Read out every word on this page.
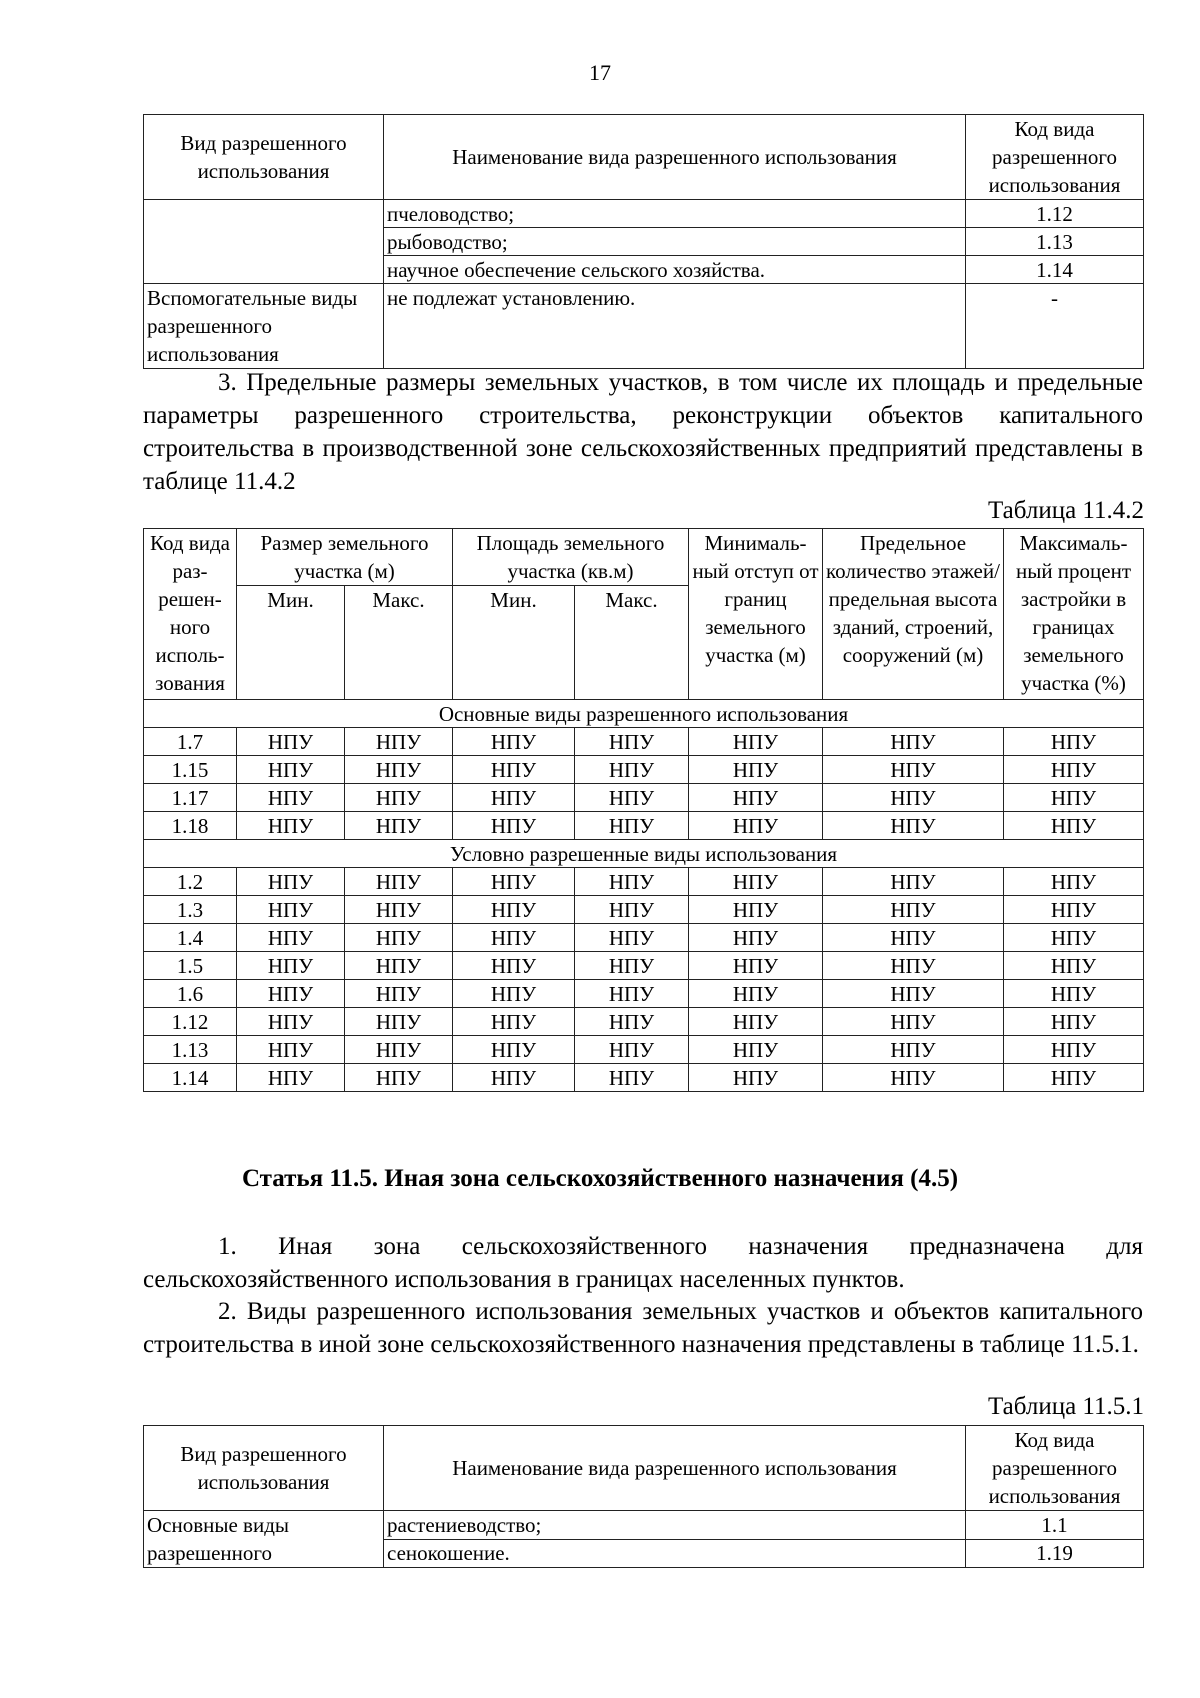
17
Вид разрешенного использования	Наименование вида разрешенного использования	Код вида разрешенного использования
	пчеловодство;	1.12
	рыбоводство;	1.13
	научное обеспечение сельского хозяйства.	1.14
Вспомогательные виды разрешенного использования	не подлежат установлению.	-
3. Предельные размеры земельных участков, в том числе их площадь и предельные параметры разрешенного строительства, реконструкции объектов капитального строительства в производственной зоне сельскохозяйственных предприятий представлены в таблице 11.4.2
Таблица 11.4.2
Код вида раз-решен-ного исполь-зования	Размер земельного участка (м)		Площадь земельного участка (кв.м)		Минималь-ный отступ от границ земельного участка (м)	Предельное количество этажей/ предельная высота зданий, строений, сооружений (м)	Максималь-ный процент застройки в границах земельного участка (%)
	Мин.	Макс.	Мин.	Макс.			
Основные виды разрешенного использования							
1.7	НПУ	НПУ	НПУ	НПУ	НПУ	НПУ	НПУ
1.15	НПУ	НПУ	НПУ	НПУ	НПУ	НПУ	НПУ
1.17	НПУ	НПУ	НПУ	НПУ	НПУ	НПУ	НПУ
1.18	НПУ	НПУ	НПУ	НПУ	НПУ	НПУ	НПУ
Условно разрешенные виды использования							
1.2	НПУ	НПУ	НПУ	НПУ	НПУ	НПУ	НПУ
1.3	НПУ	НПУ	НПУ	НПУ	НПУ	НПУ	НПУ
1.4	НПУ	НПУ	НПУ	НПУ	НПУ	НПУ	НПУ
1.5	НПУ	НПУ	НПУ	НПУ	НПУ	НПУ	НПУ
1.6	НПУ	НПУ	НПУ	НПУ	НПУ	НПУ	НПУ
1.12	НПУ	НПУ	НПУ	НПУ	НПУ	НПУ	НПУ
1.13	НПУ	НПУ	НПУ	НПУ	НПУ	НПУ	НПУ
1.14	НПУ	НПУ	НПУ	НПУ	НПУ	НПУ	НПУ
Статья 11.5. Иная зона сельскохозяйственного назначения (4.5)
1. Иная зона сельскохозяйственного назначения предназначена для сельскохозяйственного использования в границах населенных пунктов.
2. Виды разрешенного использования земельных участков и объектов капитального строительства в иной зоне сельскохозяйственного назначения представлены в таблице 11.5.1.
Таблица 11.5.1
Вид разрешенного использования	Наименование вида разрешенного использования	Код вида разрешенного использования
Основные виды разрешенного	растениеводство;	1.1
	сенокошение.	1.19
